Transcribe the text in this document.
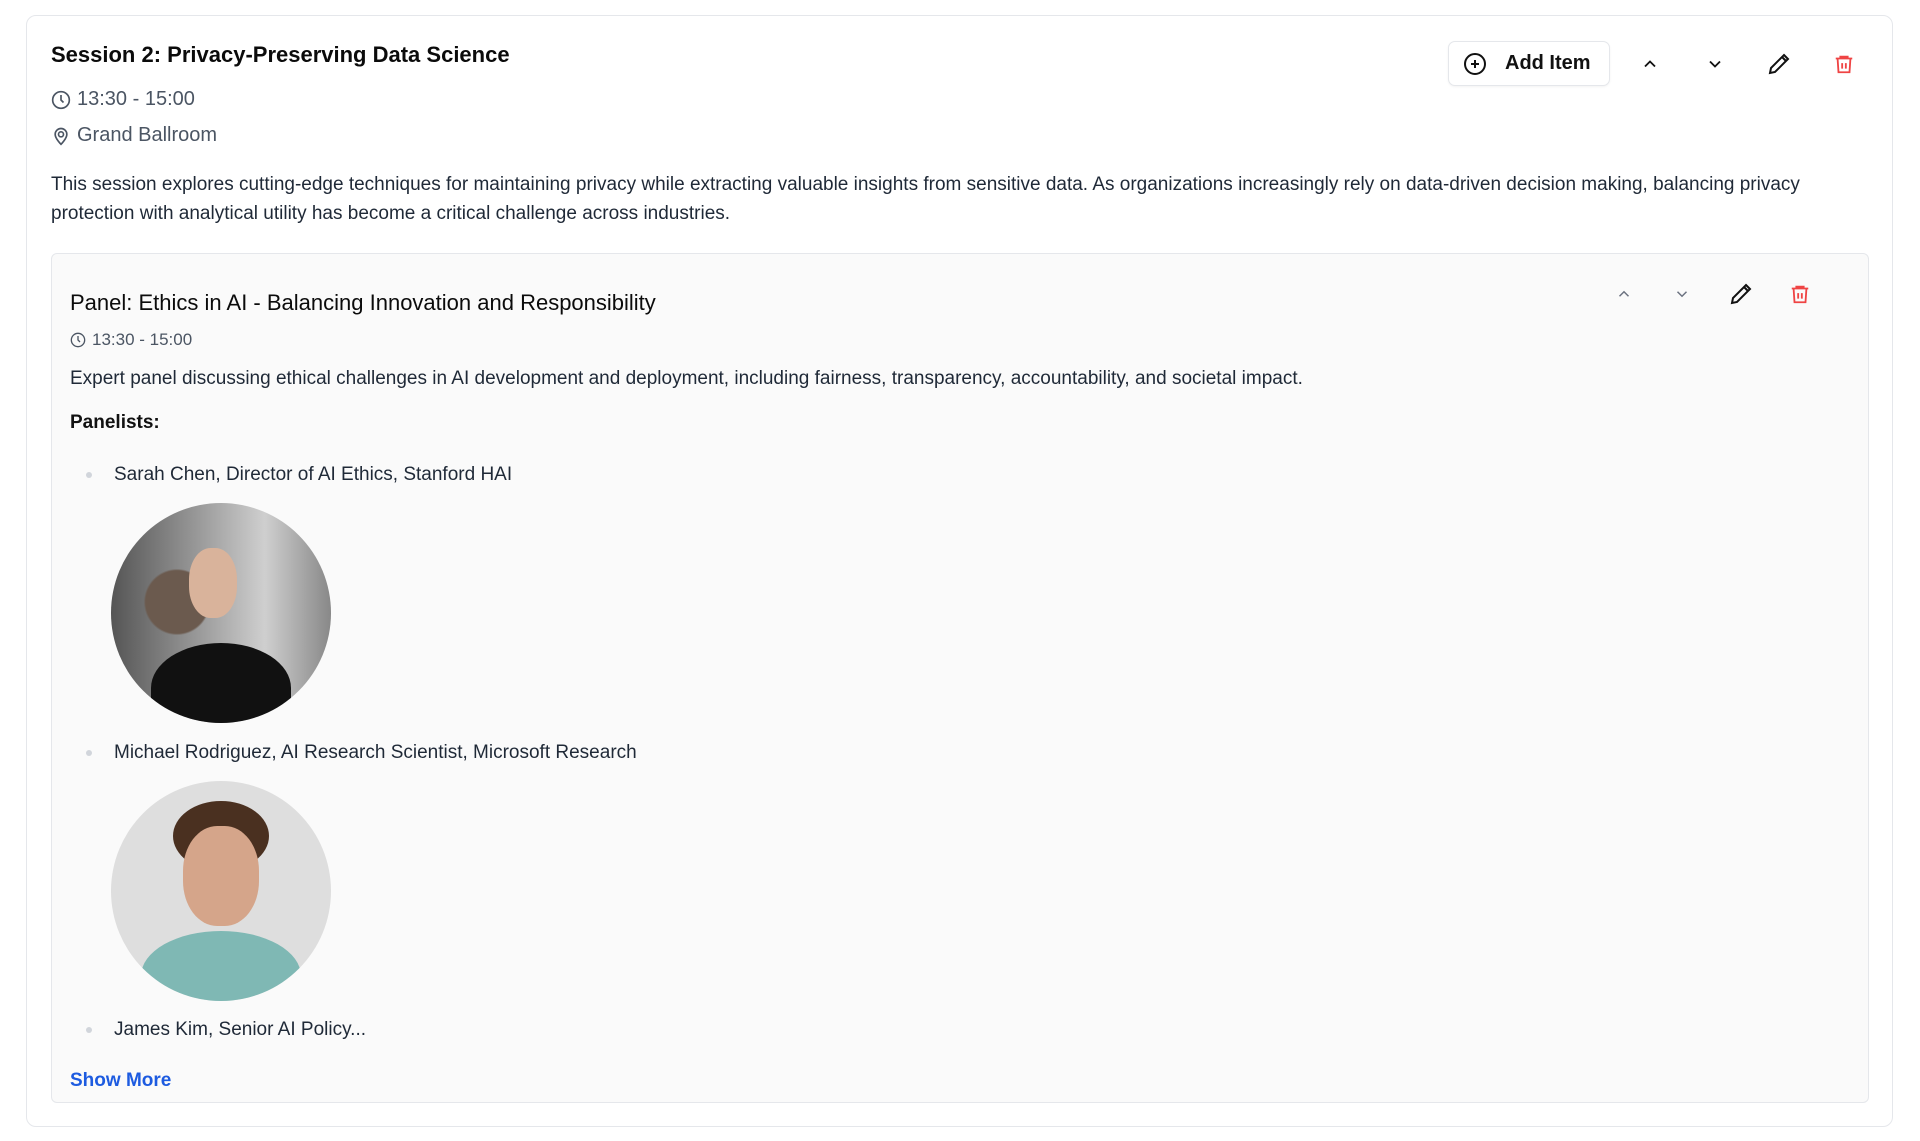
Session 2: Privacy-Preserving Data Science
13:30 - 15:00
Grand Ballroom
This session explores cutting-edge techniques for maintaining privacy while extracting valuable insights from sensitive data. As organizations increasingly rely on data-driven decision making, balancing privacy protection with analytical utility has become a critical challenge across industries.
Add Item
Panel: Ethics in AI - Balancing Innovation and Responsibility
13:30 - 15:00
Expert panel discussing ethical challenges in AI development and deployment, including fairness, transparency, accountability, and societal impact.
Panelists:
Sarah Chen, Director of AI Ethics, Stanford HAI
Michael Rodriguez, AI Research Scientist, Microsoft Research
James Kim, Senior AI Policy...
Show More
